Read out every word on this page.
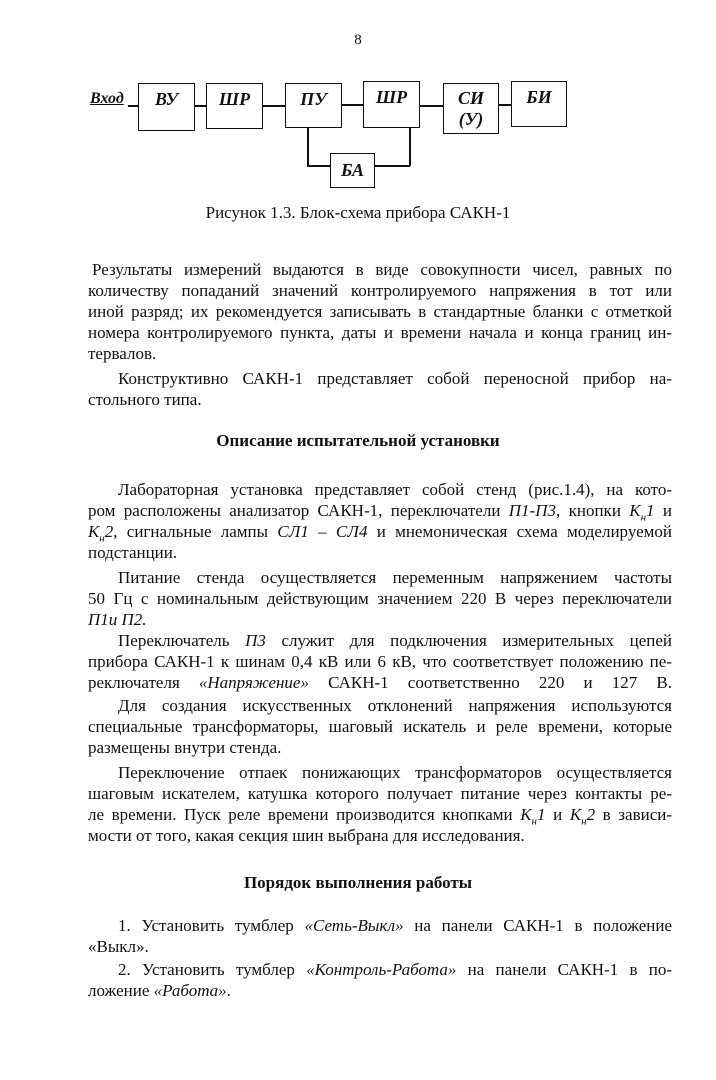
8
Вход	ВУ	ШР	ПУ	ШР	СИ
(У)
БИ
БА
Рисунок 1.3. Блок-схема прибора САКН-1
Описание испытательной установки
Порядок выполнения работы
Результаты измерений выдаются в виде совокупности чисел, равных по
количеству попаданий значений контролируемого напряжения в тот или
иной разряд; их рекомендуется записывать в стандартные бланки с отметкой
номера контролируемого пункта, даты и времени начала и конца границ ин-
тервалов.
Конструктивно САКН-1 представляет собой переносной прибор на-
стольного типа.
Лабораторная установка представляет собой стенд (рис.1.4), на кото-
ром расположены анализатор САКН-1, переключатели П1-П3, кнопки $К_н1$ и
$К_н2$, сигнальные лампы СЛ1 – СЛ4 и мнемоническая схема моделируемой
подстанции.
Питание стенда осуществляется переменным напряжением частоты
50 Гц с номинальным действующим значением 220 В через переключатели
П1и П2.
Переключатель П3 служит для подключения измерительных цепей
прибора САКН-1 к шинам 0,4 кВ или 6 кВ, что соответствует положению пе-
реключателя «Напряжение» САКН-1 соответственно 220 и 127 В.
Для создания искусственных отклонений напряжения используются
специальные трансформаторы, шаговый искатель и реле времени, которые
размещены внутри стенда.
Переключение отпаек понижающих трансформаторов осуществляется
шаговым искателем, катушка которого получает питание через контакты ре-
ле времени. Пуск реле времени производится кнопками $К_н1$ и $К_н2$ в зависи-
мости от того, какая секция шин выбрана для исследования.
1. Установить тумблер «Сеть-Выкл» на панели САКН-1 в положение
«Выкл».
2. Установить тумблер «Контроль-Работа» на панели САКН-1 в по-
ложение «Работа».
